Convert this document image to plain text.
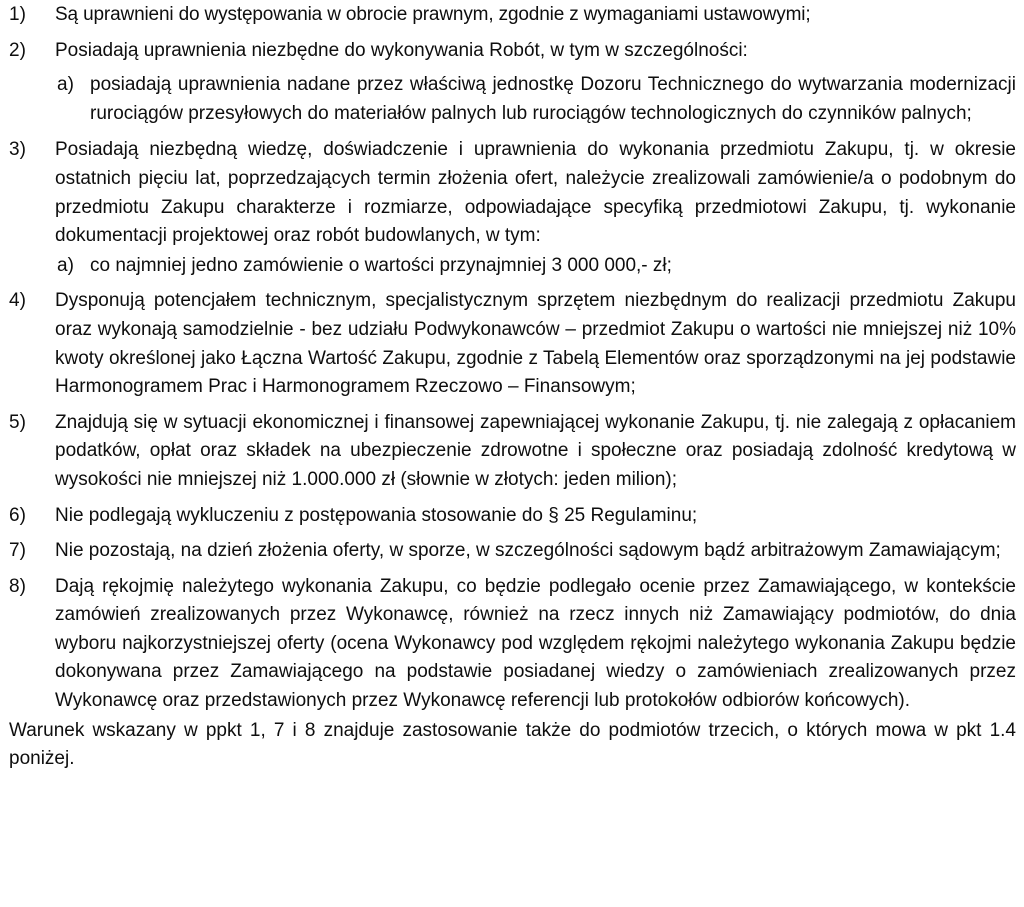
1) Są uprawnieni do występowania w obrocie prawnym, zgodnie z wymaganiami ustawowymi;

2) Posiadają uprawnienia niezbędne do wykonywania Robót, w tym w szczególności:

a) posiadają uprawnienia nadane przez właściwą jednostkę Dozoru Technicznego do wytwarzania modernizacji rurociągów przesyłowych do materiałów palnych lub rurociągów technologicznych do czynników palnych;

3) Posiadają niezbędną wiedzę, doświadczenie i uprawnienia do wykonania przedmiotu Zakupu, tj. w okresie ostatnich pięciu lat, poprzedzających termin złożenia ofert, należycie zrealizowali zamówienie/a o podobnym do przedmiotu Zakupu charakterze i rozmiarze, odpowiadające specyfiką przedmiotowi Zakupu, tj. wykonanie dokumentacji projektowej oraz robót budowlanych, w tym:

a) co najmniej jedno zamówienie o wartości przynajmniej 3 000 000,- zł;

4) Dysponują potencjałem technicznym, specjalistycznym sprzętem niezbędnym do realizacji przedmiotu Zakupu oraz wykonają samodzielnie - bez udziału Podwykonawców – przedmiot Zakupu o wartości nie mniejszej niż 10% kwoty określonej jako Łączna Wartość Zakupu, zgodnie z Tabelą Elementów oraz sporządzonymi na jej podstawie Harmonogramem Prac i Harmonogramem Rzeczowo – Finansowym;

5) Znajdują się w sytuacji ekonomicznej i finansowej zapewniającej wykonanie Zakupu, tj. nie zalegają z opłacaniem podatków, opłat oraz składek na ubezpieczenie zdrowotne i społeczne oraz posiadają zdolność kredytową w wysokości nie mniejszej niż 1.000.000 zł (słownie w złotych: jeden milion);

6) Nie podlegają wykluczeniu z postępowania stosowanie do § 25 Regulaminu;

7) Nie pozostają, na dzień złożenia oferty, w sporze, w szczególności sądowym bądź arbitrażowym Zamawiającym;

8) Dają rękojmię należytego wykonania Zakupu, co będzie podlegało ocenie przez Zamawiającego, w kontekście zamówień zrealizowanych przez Wykonawcę, również na rzecz innych niż Zamawiający podmiotów, do dnia wyboru najkorzystniejszej oferty (ocena Wykonawcy pod względem rękojmi należytego wykonania Zakupu będzie dokonywana przez Zamawiającego na podstawie posiadanej wiedzy o zamówieniach zrealizowanych przez Wykonawcę oraz przedstawionych przez Wykonawcę referencji lub protokołów odbiorów końcowych).

Warunek wskazany w ppkt 1, 7 i 8 znajduje zastosowanie także do podmiotów trzecich, o których mowa w pkt 1.4 poniżej.
